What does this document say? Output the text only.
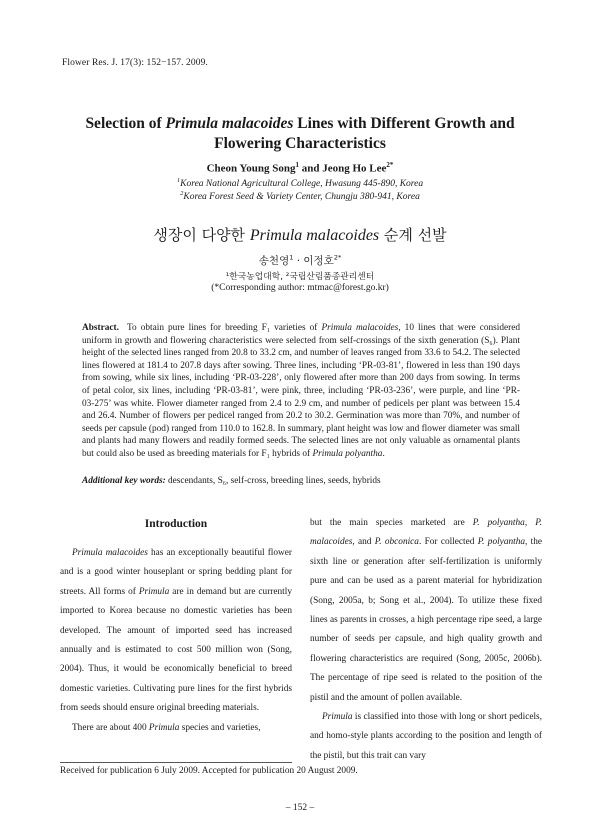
Flower Res. J. 17(3): 152−157. 2009.
Selection of Primula malacoides Lines with Different Growth and
Flowering Characteristics
Cheon Young Song$^1$ and Jeong Ho Lee$^{2*}$
$^1$Korea National Agricultural College, Hwasung 445-890, Korea
$^2$Korea Forest Seed & Variety Center, Chungju 380-941, Korea
생장이 다양한 Primula malacoides 순계 선발
송천영$^1$ · 이정호$^{2*}$
¹한국농업대학, ²국립산림품종관리센터
(*Corresponding author: mtmac@forest.go.kr)
Abstract. To obtain pure lines for breeding F₁ varieties of Primula malacoides, 10 lines that were considered uniform in growth and flowering characteristics were selected from self-crossings of the sixth generation (S₆). Plant height of the selected lines ranged from 20.8 to 33.2 cm, and number of leaves ranged from 33.6 to 54.2. The selected lines flowered at 181.4 to 207.8 days after sowing. Three lines, including ‘PR-03-81’, flowered in less than 190 days from sowing, while six lines, including ‘PR-03-228’, only flowered after more than 200 days from sowing. In terms of petal color, six lines, including ‘PR-03-81’, were pink, three, including ‘PR-03-236’, were purple, and line ‘PR-03-275’ was white. Flower diameter ranged from 2.4 to 2.9 cm, and number of pedicels per plant was between 15.4 and 26.4. Number of flowers per pedicel ranged from 20.2 to 30.2. Germination was more than 70%, and number of seeds per capsule (pod) ranged from 110.0 to 162.8. In summary, plant height was low and flower diameter was small and plants had many flowers and readily formed seeds. The selected lines are not only valuable as ornamental plants but could also be used as breeding materials for F₁ hybrids of Primula polyantha.
Additional key words: descendants, S₆, self-cross, breeding lines, seeds, hybrids
Introduction

Primula malacoides has an exceptionally beautiful flower and is a good winter houseplant or spring bedding plant for streets. All forms of Primula are in demand but are currently imported to Korea because no domestic varieties has been developed. The amount of imported seed has increased annually and is estimated to cost 500 million won (Song, 2004). Thus, it would be economically beneficial to breed domestic varieties. Cultivating pure lines for the first hybrids from seeds should ensure original breeding materials.

There are about 400 Primula species and varieties,

but the main species marketed are P. polyantha, P. malacoides, and P. obconica. For collected P. polyantha, the sixth line or generation after self-fertilization is uniformly pure and can be used as a parent material for hybridization (Song, 2005a, b; Song et al., 2004). To utilize these fixed lines as parents in crosses, a high percentage ripe seed, a large number of seeds per capsule, and high quality growth and flowering characteristics are required (Song, 2005c, 2006b). The percentage of ripe seed is related to the position of the pistil and the amount of pollen available.

Primula is classified into those with long or short pedicels, and homo-style plants according to the position and length of the pistil, but this trait can vary

Received for publication 6 July 2009. Accepted for publication 20 August 2009.
– 152 –
